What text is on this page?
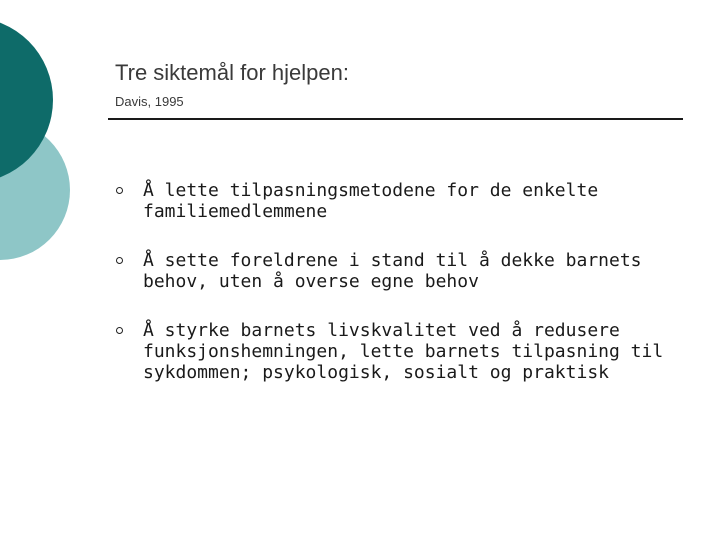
Tre siktemål for hjelpen:
Davis, 1995
Å lette tilpasningsmetodene for de enkelte familiemedlemmene
Å sette foreldrene i stand til å dekke barnets behov, uten å overse egne behov
Å styrke barnets livskvalitet ved å redusere funksjonshemningen, lette barnets tilpasning til sykdommen; psykologisk, sosialt og praktisk
